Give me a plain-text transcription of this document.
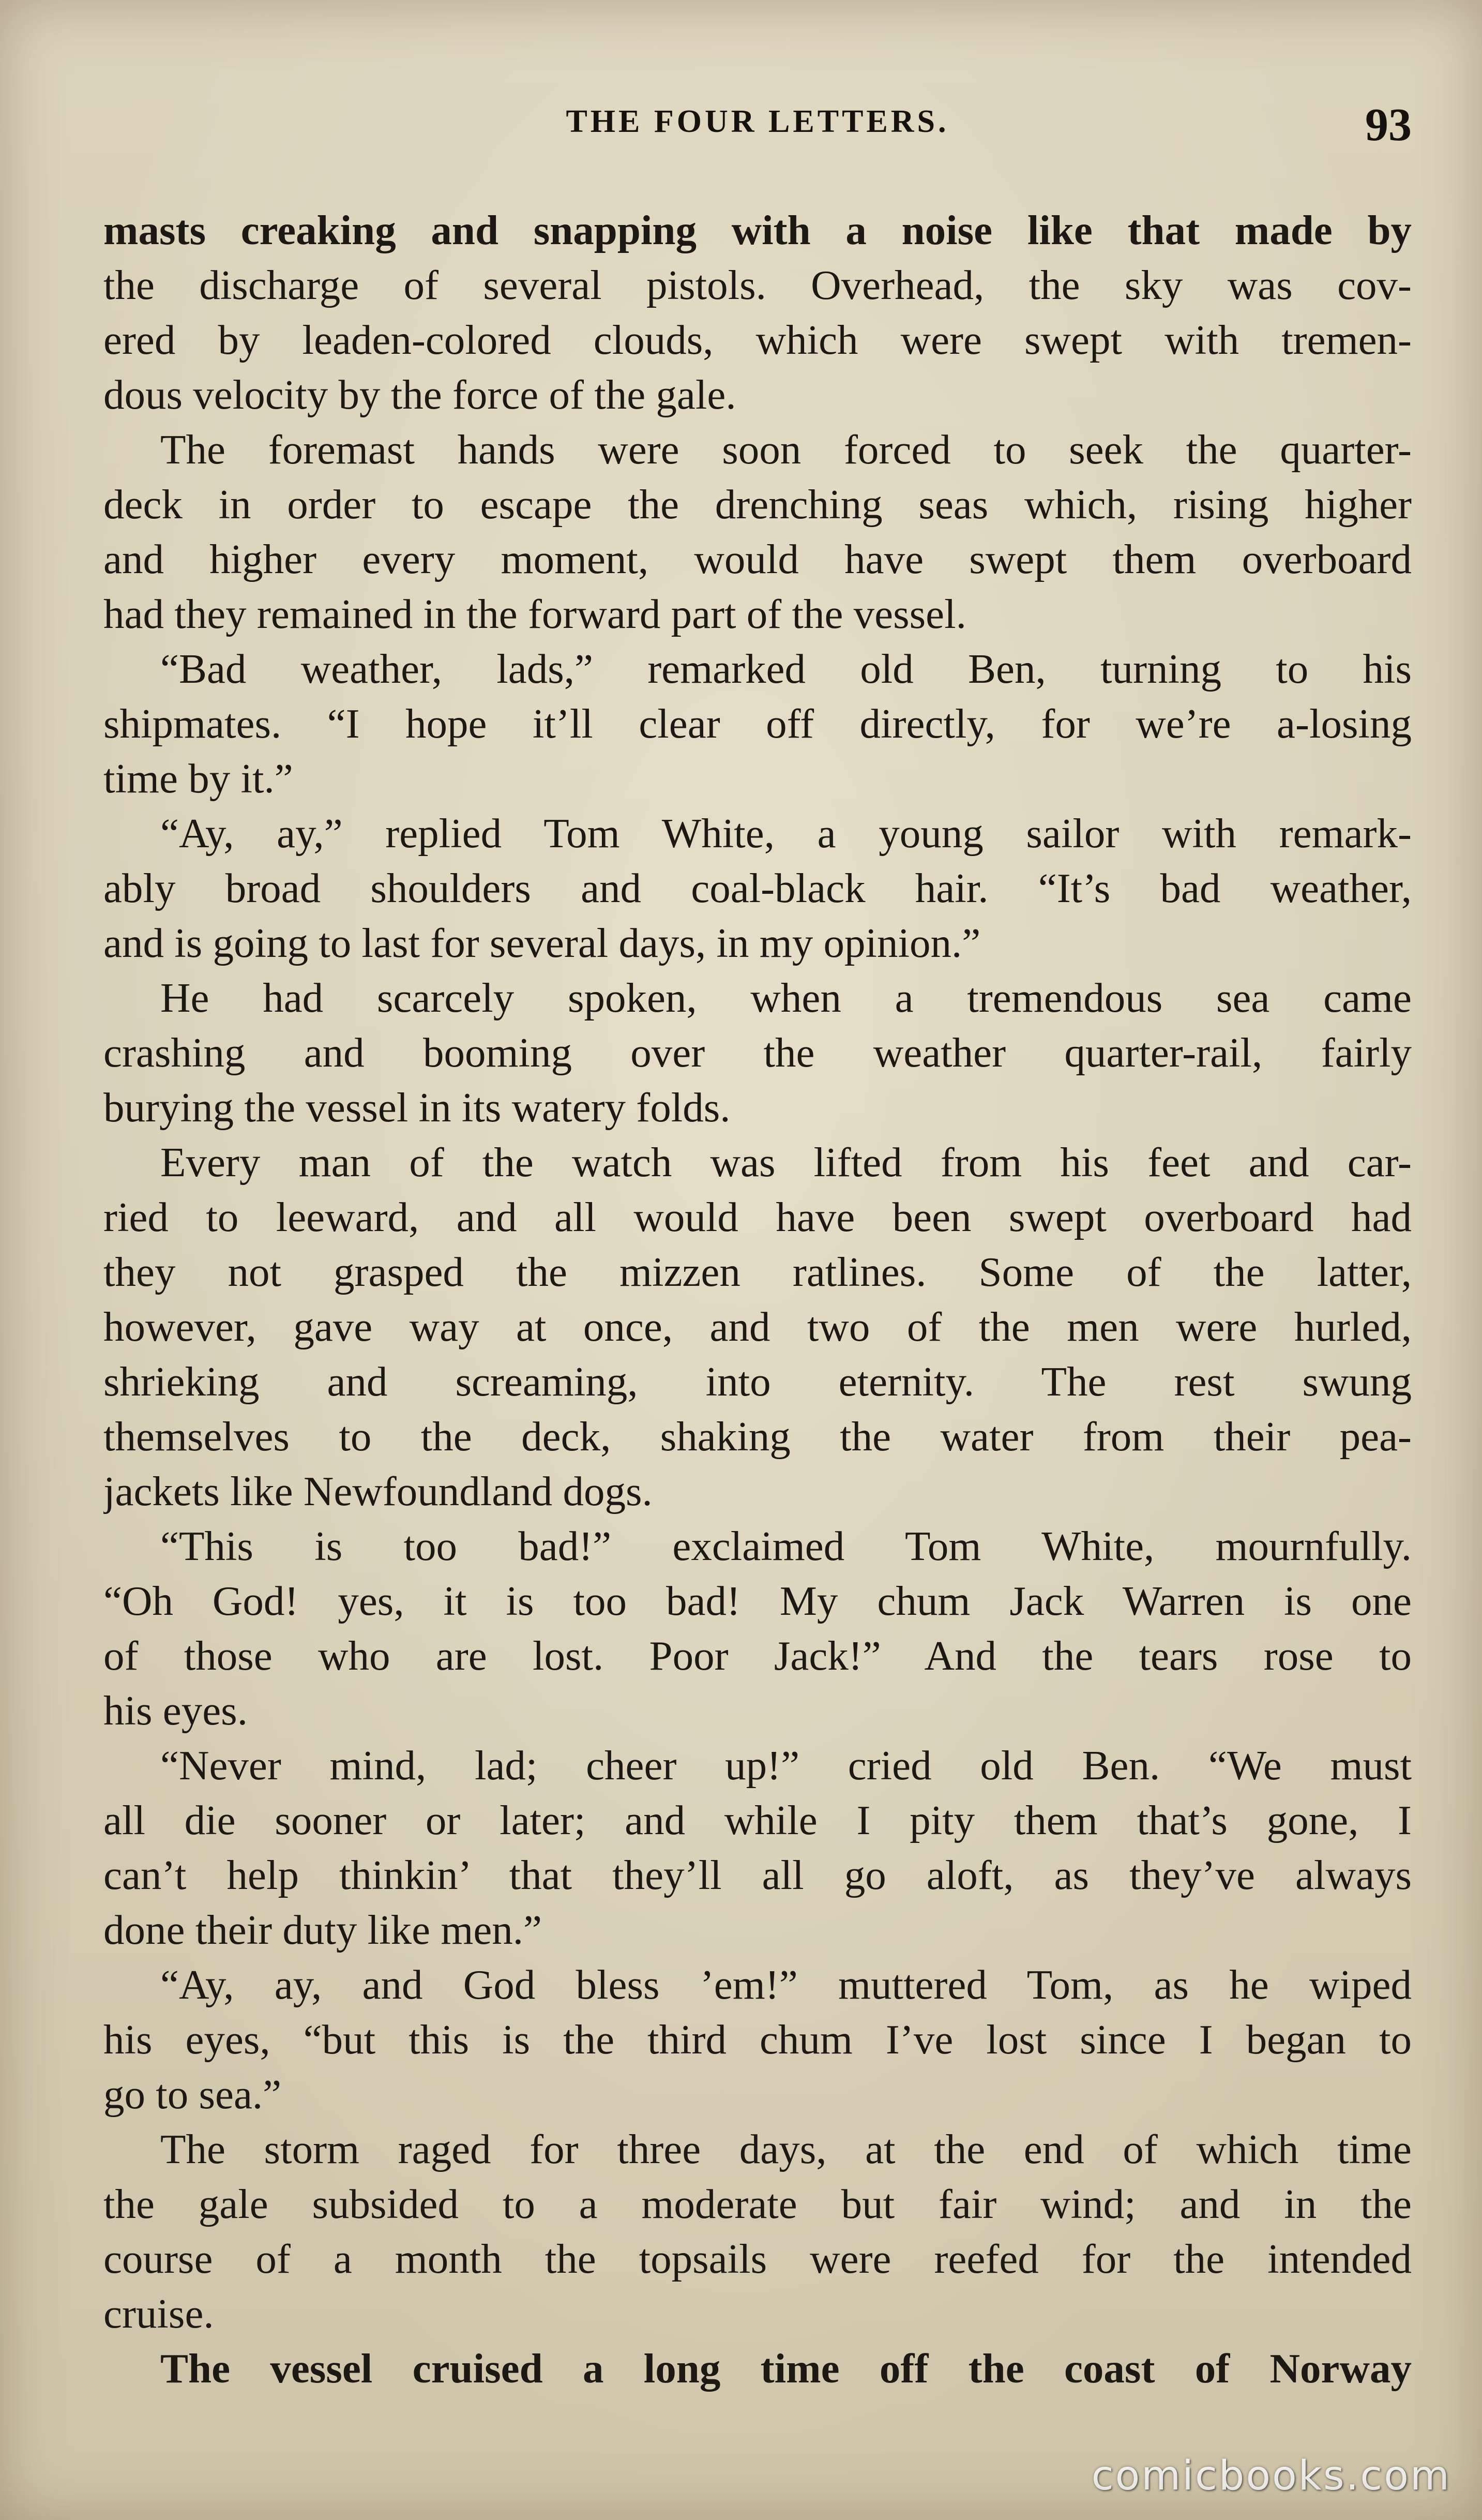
THE FOUR LETTERS.	93
masts creaking and snapping with a noise like that made by
the discharge of several pistols. Overhead, the sky was cov-
ered by leaden-colored clouds, which were swept with tremen-
dous velocity by the force of the gale.
The foremast hands were soon forced to seek the quarter-
deck in order to escape the drenching seas which, rising higher
and higher every moment, would have swept them overboard
had they remained in the forward part of the vessel.
“Bad weather, lads,” remarked old Ben, turning to his
shipmates. “I hope it’ll clear off directly, for we’re a-losing
time by it.”
“Ay, ay,” replied Tom White, a young sailor with remark-
ably broad shoulders and coal-black hair. “It’s bad weather,
and is going to last for several days, in my opinion.”
He had scarcely spoken, when a tremendous sea came
crashing and booming over the weather quarter-rail, fairly
burying the vessel in its watery folds.
Every man of the watch was lifted from his feet and car-
ried to leeward, and all would have been swept overboard had
they not grasped the mizzen ratlines. Some of the latter,
however, gave way at once, and two of the men were hurled,
shrieking and screaming, into eternity. The rest swung
themselves to the deck, shaking the water from their pea-
jackets like Newfoundland dogs.
“This is too bad!” exclaimed Tom White, mournfully.
“Oh God! yes, it is too bad! My chum Jack Warren is one
of those who are lost. Poor Jack!” And the tears rose to
his eyes.
“Never mind, lad; cheer up!” cried old Ben. “We must
all die sooner or later; and while I pity them that’s gone, I
can’t help thinkin’ that they’ll all go aloft, as they’ve always
done their duty like men.”
“Ay, ay, and God bless ’em!” muttered Tom, as he wiped
his eyes, “but this is the third chum I’ve lost since I began to
go to sea.”
The storm raged for three days, at the end of which time
the gale subsided to a moderate but fair wind; and in the
course of a month the topsails were reefed for the intended
cruise.
The vessel cruised a long time off the coast of Norway
comicbooks.com
